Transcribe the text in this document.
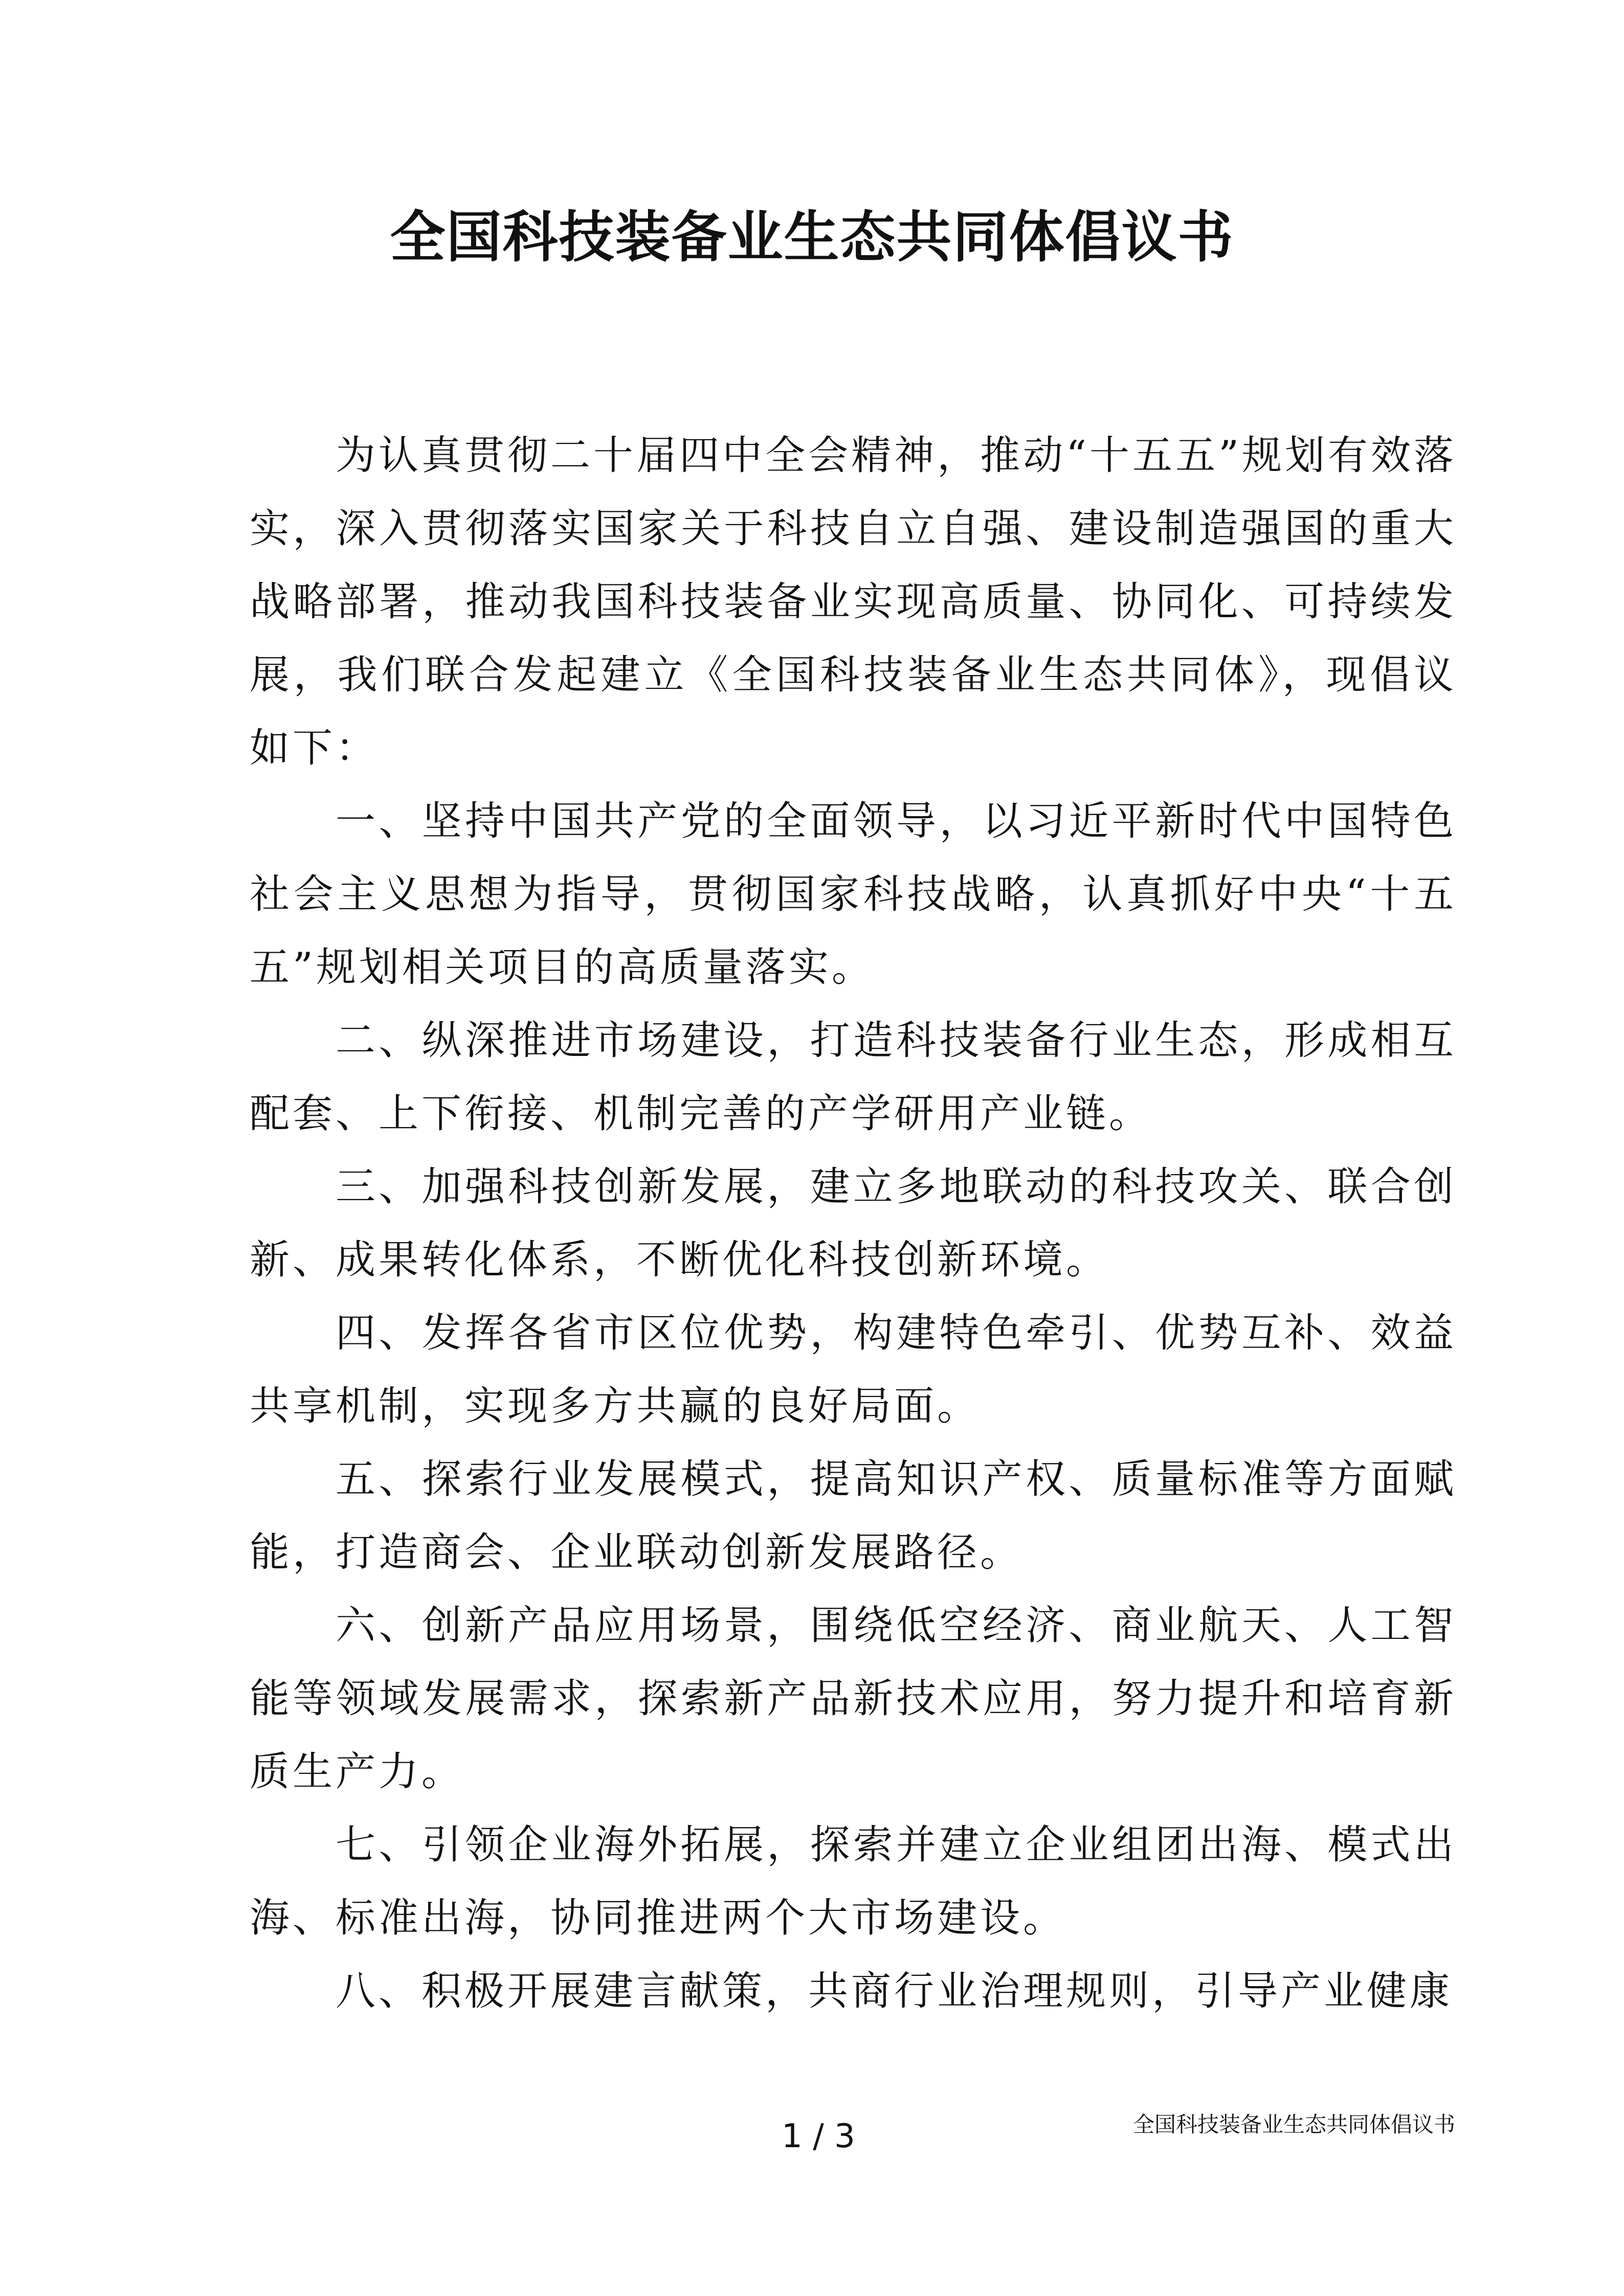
全国科技装备业生态共同体倡议书

为认真贯彻二十届四中全会精神，推动“十五五”规划有效落实，深入贯彻落实国家关于科技自立自强、建设制造强国的重大战略部署，推动我国科技装备业实现高质量、协同化、可持续发展，我们联合发起建立《全国科技装备业生态共同体》，现倡议如下：

一、坚持中国共产党的全面领导，以习近平新时代中国特色社会主义思想为指导，贯彻国家科技战略，认真抓好中央“十五五”规划相关项目的高质量落实。

二、纵深推进市场建设，打造科技装备行业生态，形成相互配套、上下衔接、机制完善的产学研用产业链。

三、加强科技创新发展，建立多地联动的科技攻关、联合创新、成果转化体系，不断优化科技创新环境。

四、发挥各省市区位优势，构建特色牵引、优势互补、效益共享机制，实现多方共赢的良好局面。

五、探索行业发展模式，提高知识产权、质量标准等方面赋能，打造商会、企业联动创新发展路径。

六、创新产品应用场景，围绕低空经济、商业航天、人工智能等领域发展需求，探索新产品新技术应用，努力提升和培育新质生产力。

七、引领企业海外拓展，探索并建立企业组团出海、模式出海、标准出海，协同推进两个大市场建设。

八、积极开展建言献策，共商行业治理规则，引导产业健康

1 / 3	全国科技装备业生态共同体倡议书
